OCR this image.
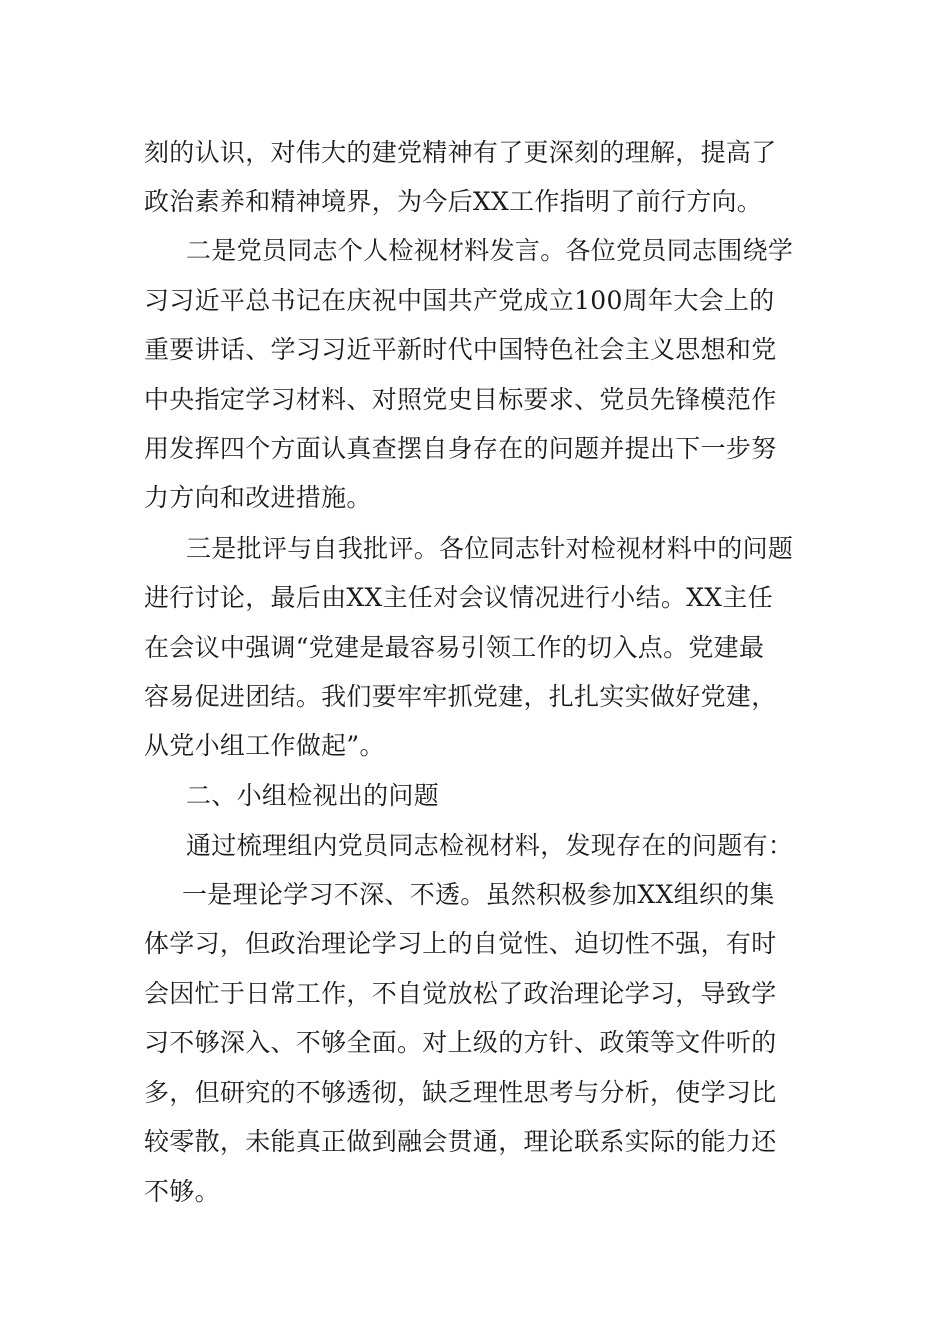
刻的认识，对伟大的建党精神有了更深刻的理解，提高了
政治素养和精神境界，为今后XX工作指明了前行方向。
二是党员同志个人检视材料发言。各位党员同志围绕学
习习近平总书记在庆祝中国共产党成立100周年大会上的
重要讲话、学习习近平新时代中国特色社会主义思想和党
中央指定学习材料、对照党史目标要求、党员先锋模范作
用发挥四个方面认真查摆自身存在的问题并提出下一步努
力方向和改进措施。
三是批评与自我批评。各位同志针对检视材料中的问题
进行讨论，最后由XX主任对会议情况进行小结。XX主任
在会议中强调“党建是最容易引领工作的切入点。党建最
容易促进团结。我们要牢牢抓党建，扎扎实实做好党建，
从党小组工作做起”。
二、小组检视出的问题
通过梳理组内党员同志检视材料，发现存在的问题有：
一是理论学习不深、不透。虽然积极参加XX组织的集
体学习，但政治理论学习上的自觉性、迫切性不强，有时
会因忙于日常工作，不自觉放松了政治理论学习，导致学
习不够深入、不够全面。对上级的方针、政策等文件听的
多，但研究的不够透彻，缺乏理性思考与分析，使学习比
较零散，未能真正做到融会贯通，理论联系实际的能力还
不够。
